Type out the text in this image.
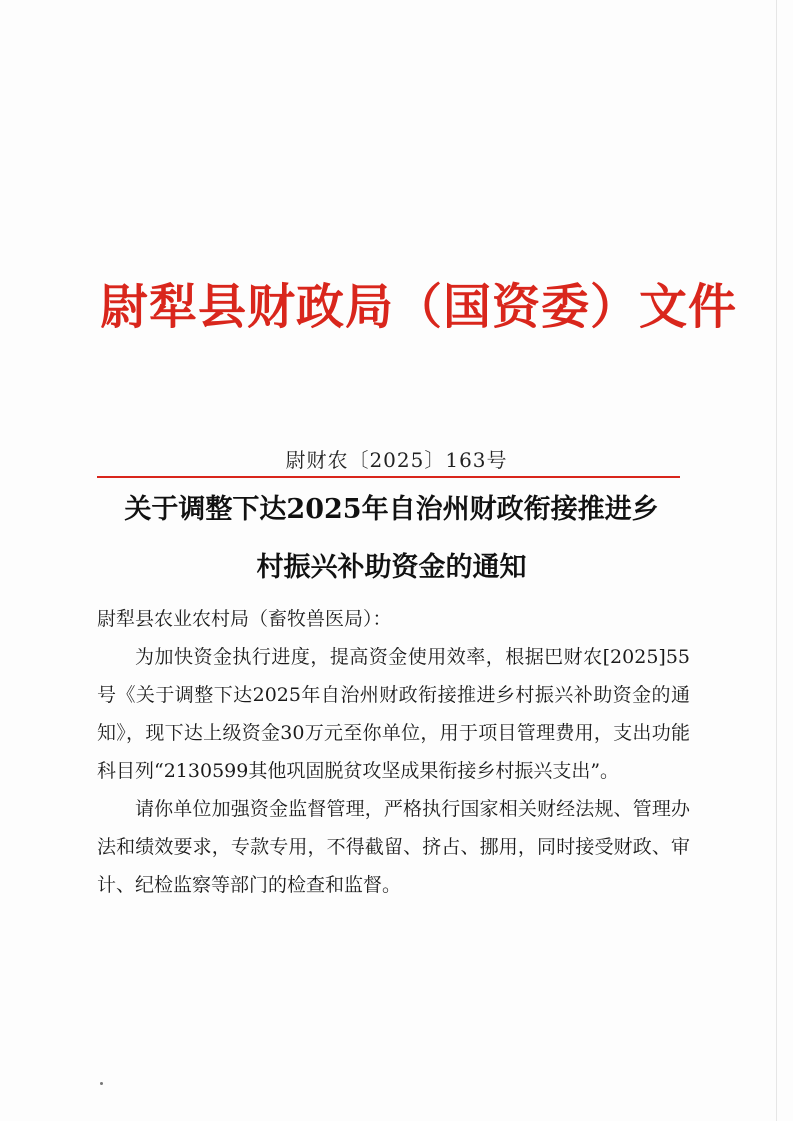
尉犁县财政局（国资委）文件
尉财农〔2025〕163号
关于调整下达2025年自治州财政衔接推进乡
村振兴补助资金的通知

尉犁县农业农村局（畜牧兽医局）：

为加快资金执行进度，提高资金使用效率，根据巴财农[2025]55号《关于调整下达2025年自治州财政衔接推进乡村振兴补助资金的通知》，现下达上级资金30万元至你单位，用于项目管理费用，支出功能科目列“2130599其他巩固脱贫攻坚成果衔接乡村振兴支出”。

请你单位加强资金监督管理，严格执行国家相关财经法规、管理办法和绩效要求，专款专用，不得截留、挤占、挪用，同时接受财政、审计、纪检监察等部门的检查和监督。
